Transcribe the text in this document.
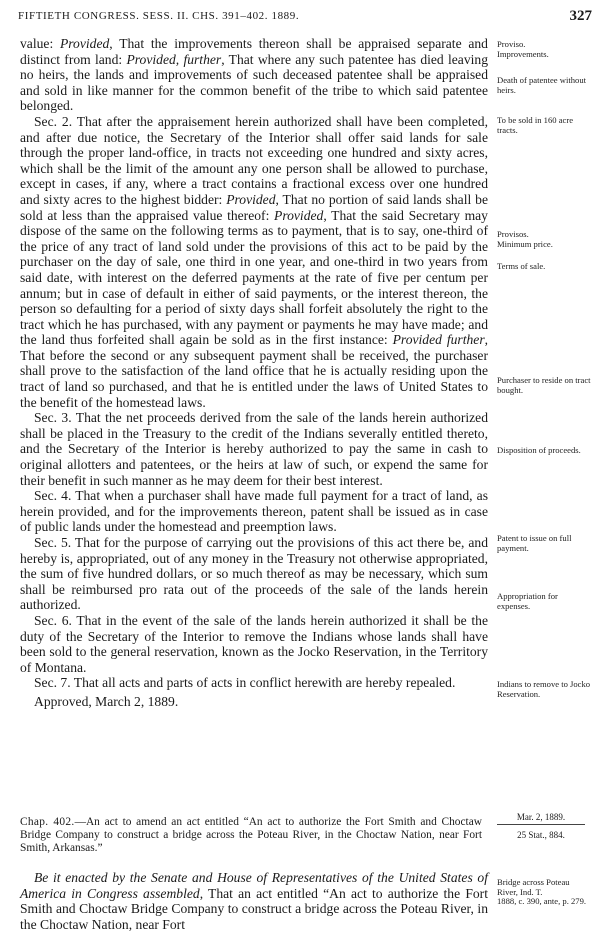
FIFTIETH CONGRESS. SESS. II. CHS. 391–402. 1889.	327

value: Provided, That the improvements thereon shall be appraised separate and distinct from land: Provided, further, That where any such patentee has died leaving no heirs, the lands and improvements of such deceased patentee shall be appraised and sold in like manner for the common benefit of the tribe to which said patentee belonged.

Sec. 2. That after the appraisement herein authorized shall have been completed, and after due notice, the Secretary of the Interior shall offer said lands for sale through the proper land-office, in tracts not exceeding one hundred and sixty acres, which shall be the limit of the amount any one person shall be allowed to purchase, except in cases, if any, where a tract contains a fractional excess over one hundred and sixty acres to the highest bidder: Provided, That no portion of said lands shall be sold at less than the appraised value thereof: Provided, That the said Secretary may dispose of the same on the following terms as to payment, that is to say, one-third of the price of any tract of land sold under the provisions of this act to be paid by the purchaser on the day of sale, one third in one year, and one-third in two years from said date, with interest on the deferred payments at the rate of five per centum per annum; but in case of default in either of said payments, or the interest thereon, the person so defaulting for a period of sixty days shall forfeit absolutely the right to the tract which he has purchased, with any payment or payments he may have made; and the land thus forfeited shall again be sold as in the first instance: Provided further, That before the second or any subsequent payment shall be received, the purchaser shall prove to the satisfaction of the land office that he is actually residing upon the tract of land so purchased, and that he is entitled under the laws of United States to the benefit of the homestead laws.

Sec. 3. That the net proceeds derived from the sale of the lands herein authorized shall be placed in the Treasury to the credit of the Indians severally entitled thereto, and the Secretary of the Interior is hereby authorized to pay the same in cash to original allotters and patentees, or the heirs at law of such, or expend the same for their benefit in such manner as he may deem for their best interest.

Sec. 4. That when a purchaser shall have made full payment for a tract of land, as herein provided, and for the improvements thereon, patent shall be issued as in case of public lands under the homestead and preemption laws.

Sec. 5. That for the purpose of carrying out the provisions of this act there be, and hereby is, appropriated, out of any money in the Treasury not otherwise appropriated, the sum of five hundred dollars, or so much thereof as may be necessary, which sum shall be reimbursed pro rata out of the proceeds of the sale of the lands herein authorized.

Sec. 6. That in the event of the sale of the lands herein authorized it shall be the duty of the Secretary of the Interior to remove the Indians whose lands shall have been sold to the general reservation, known as the Jocko Reservation, in the Territory of Montana.

Sec. 7. That all acts and parts of acts in conflict herewith are hereby repealed.

Approved, March 2, 1889.

Proviso.
Improvements.
Death of patentee without heirs.
To be sold in 160 acre tracts.
Provisos.
Minimum price.
Terms of sale.
Purchaser to reside on tract bought.
Disposition of proceeds.
Patent to issue on full payment.
Appropriation for expenses.
Indians to remove to Jocko Reservation.
Chap. 402.—An act to amend an act entitled “An act to authorize the Fort Smith and Choctaw Bridge Company to construct a bridge across the Poteau River, in the Choctaw Nation, near Fort Smith, Arkansas.”
Mar. 2, 1889.
25 Stat., 884.

Be it enacted by the Senate and House of Representatives of the United States of America in Congress assembled, That an act entitled “An act to authorize the Fort Smith and Choctaw Bridge Company to construct a bridge across the Poteau River, in the Choctaw Nation, near Fort

Bridge across Poteau River, Ind. T.
1888, c. 390, ante, p. 279.
